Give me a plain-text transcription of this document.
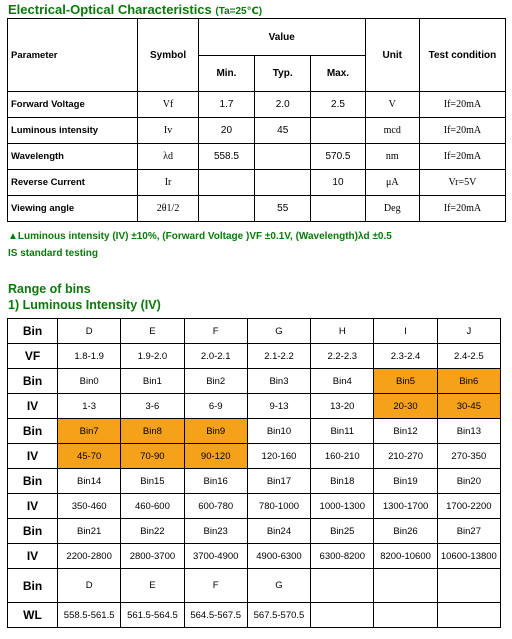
Electrical-Optical Characteristics (Ta=25℃)
Parameter	Symbol	Value			Unit	Test condition
		Min.	Typ.	Max.		
Forward Voltage	Vf	1.7	2.0	2.5	V	If=20mA
Luminous intensity	Iv	20	45		mcd	If=20mA
Wavelength	λd	558.5		570.5	nm	If=20mA
Reverse Current	Ir			10	μA	Vr=5V
Viewing angle	2θ1/2		55		Deg	If=20mA
▲Luminous intensity (IV) ±10%, (Forward Voltage )VF ±0.1V, (Wavelength)λd ±0.5
IS standard testing
Range of bins
1) Luminous Intensity (IV)
Bin	D	E	F	G	H	I	J
VF	1.8-1.9	1.9-2.0	2.0-2.1	2.1-2.2	2.2-2.3	2.3-2.4	2.4-2.5
Bin	Bin0	Bin1	Bin2	Bin3	Bin4	Bin5	Bin6
IV	1-3	3-6	6-9	9-13	13-20	20-30	30-45
Bin	Bin7	Bin8	Bin9	Bin10	Bin11	Bin12	Bin13
IV	45-70	70-90	90-120	120-160	160-210	210-270	270-350
Bin	Bin14	Bin15	Bin16	Bin17	Bin18	Bin19	Bin20
IV	350-460	460-600	600-780	780-1000	1000-1300	1300-1700	1700-2200
Bin	Bin21	Bin22	Bin23	Bin24	Bin25	Bin26	Bin27
IV	2200-2800	2800-3700	3700-4900	4900-6300	6300-8200	8200-10600	10600-13800
Bin	D	E	F	G			
WL	558.5-561.5	561.5-564.5	564.5-567.5	567.5-570.5			
